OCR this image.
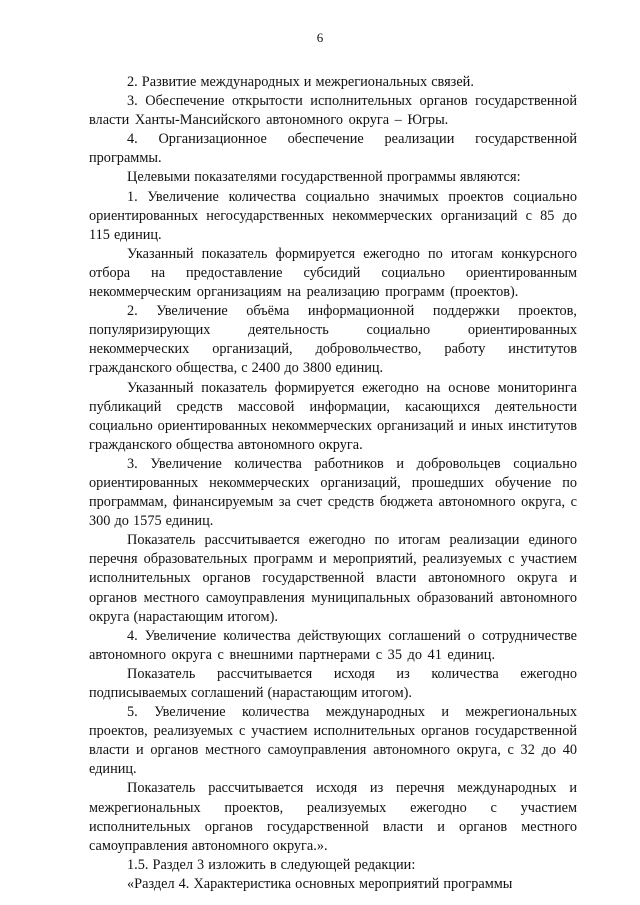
6

2. Развитие международных и межрегиональных связей.

3. Обеспечение открытости исполнительных органов государственной власти Ханты-Мансийского автономного округа – Югры.

4. Организационное обеспечение реализации государственной программы.

Целевыми показателями государственной программы являются:

1. Увеличение количества социально значимых проектов социально ориентированных негосударственных некоммерческих организаций с 85 до 115 единиц.

Указанный показатель формируется ежегодно по итогам конкурсного отбора на предоставление субсидий социально ориентированным некоммерческим организациям на реализацию программ (проектов).

2. Увеличение объёма информационной поддержки проектов, популяризирующих деятельность социально ориентированных некоммерческих организаций, добровольчество, работу институтов гражданского общества, с 2400 до 3800 единиц.

Указанный показатель формируется ежегодно на основе мониторинга публикаций средств массовой информации, касающихся деятельности социально ориентированных некоммерческих организаций и иных институтов гражданского общества автономного округа.

3. Увеличение количества работников и добровольцев социально ориентированных некоммерческих организаций, прошедших обучение по программам, финансируемым за счет средств бюджета автономного округа, с 300 до 1575 единиц.

Показатель рассчитывается ежегодно по итогам реализации единого перечня образовательных программ и мероприятий, реализуемых с участием исполнительных органов государственной власти автономного округа и органов местного самоуправления муниципальных образований автономного округа (нарастающим итогом).

4. Увеличение количества действующих соглашений о сотрудничестве автономного округа с внешними партнерами с 35 до 41 единиц.

Показатель рассчитывается исходя из количества ежегодно подписываемых соглашений (нарастающим итогом).

5. Увеличение количества международных и межрегиональных проектов, реализуемых с участием исполнительных органов государственной власти и органов местного самоуправления автономного округа, с 32 до 40 единиц.

Показатель рассчитывается исходя из перечня международных и межрегиональных проектов, реализуемых ежегодно с участием исполнительных органов государственной власти и органов местного самоуправления автономного округа.».

1.5. Раздел 3 изложить в следующей редакции:

«Раздел 4. Характеристика основных мероприятий программы
